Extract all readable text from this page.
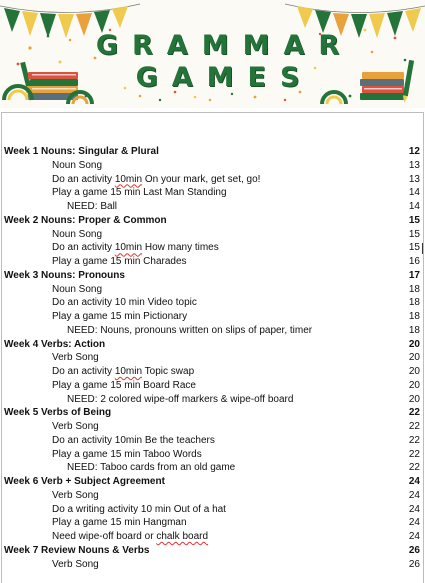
GRAMMAR
GAMES
Week 1 Nouns: Singular & Plural	12
Noun Song	13
Do an activity 10min On your mark, get set, go!	13
Play a game 15 min Last Man Standing	14
NEED: Ball	14
Week 2 Nouns: Proper & Common	15
Noun Song	15
Do an activity 10min How many times	15
Play a game 15 min Charades	16
Week 3 Nouns: Pronouns	17
Noun Song	18
Do an activity 10 min Video topic	18
Play a game 15 min Pictionary	18
NEED: Nouns, pronouns written on slips of paper, timer	18
Week 4 Verbs: Action	20
Verb Song	20
Do an activity 10min Topic swap	20
Play a game 15 min Board Race	20
NEED: 2 colored wipe-off markers & wipe-off board	20
Week 5 Verbs of Being	22
Verb Song	22
Do an activity 10min Be the teachers	22
Play a game 15 min Taboo Words	22
NEED: Taboo cards from an old game	22
Week 6 Verb + Subject Agreement	24
Verb Song	24
Do a writing activity 10 min Out of a hat	24
Play a game 15 min Hangman	24
Need wipe-off board or chalk board	24
Week 7 Review Nouns & Verbs	26
Verb Song	26
